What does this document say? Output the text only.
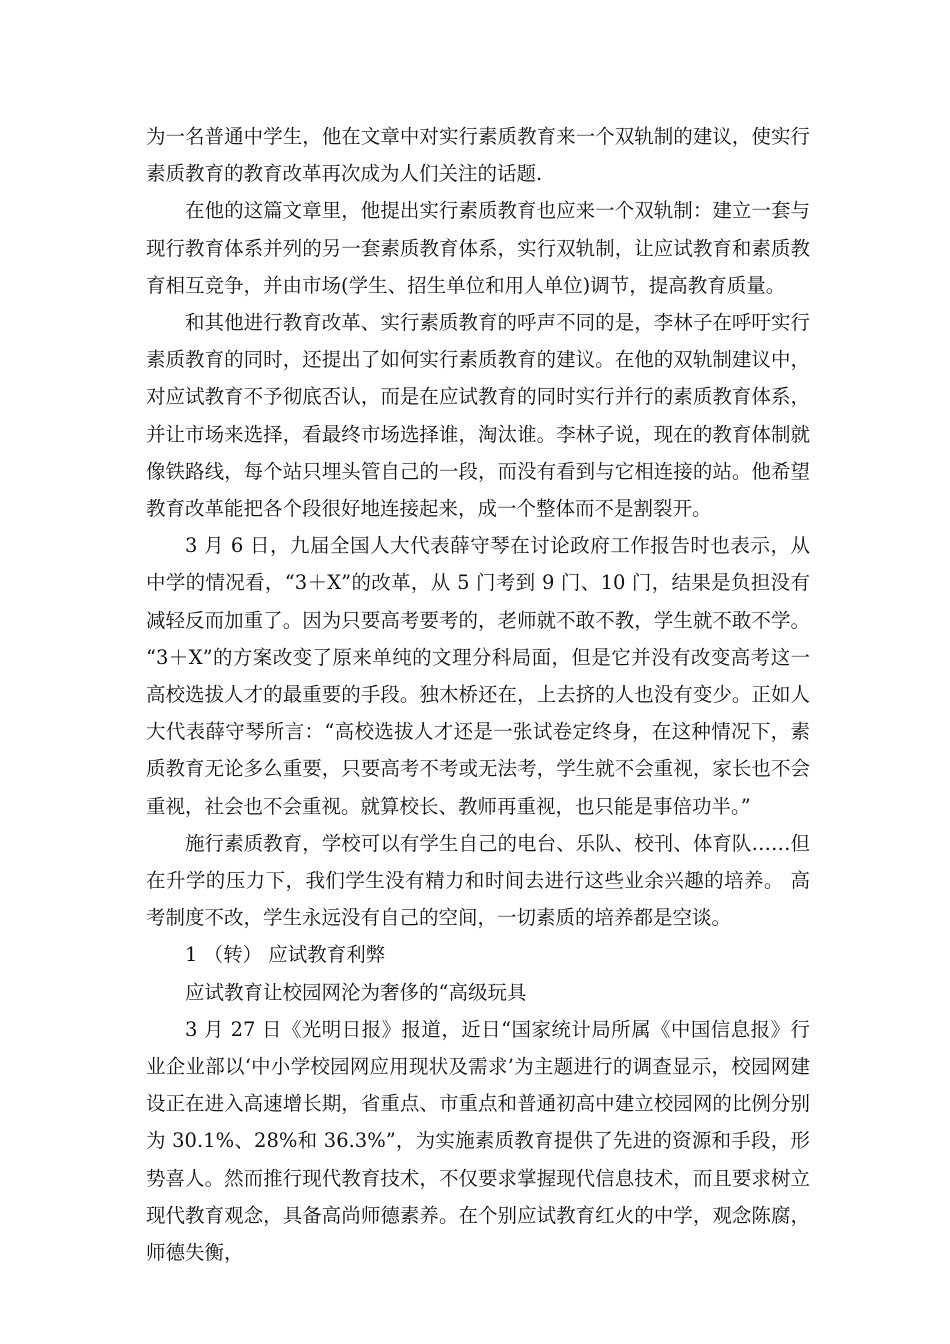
为一名普通中学生，他在文章中对实行素质教育来一个双轨制的建议，使实行素质教育的教育改革再次成为人们关注的话题.

在他的这篇文章里，他提出实行素质教育也应来一个双轨制：建立一套与现行教育体系并列的另一套素质教育体系，实行双轨制，让应试教育和素质教育相互竞争，并由市场(学生、招生单位和用人单位)调节，提高教育质量。

和其他进行教育改革、实行素质教育的呼声不同的是，李林子在呼吁实行素质教育的同时，还提出了如何实行素质教育的建议。在他的双轨制建议中，对应试教育不予彻底否认，而是在应试教育的同时实行并行的素质教育体系，并让市场来选择，看最终市场选择谁，淘汰谁。李林子说，现在的教育体制就像铁路线，每个站只埋头管自己的一段，而没有看到与它相连接的站。他希望教育改革能把各个段很好地连接起来，成一个整体而不是割裂开。

3 月 6 日，九届全国人大代表薛守琴在讨论政府工作报告时也表示，从中学的情况看，“3＋X”的改革，从 5 门考到 9 门、10 门，结果是负担没有减轻反而加重了。因为只要高考要考的，老师就不敢不教，学生就不敢不学。 “3＋X”的方案改变了原来单纯的文理分科局面，但是它并没有改变高考这一高校选拔人才的最重要的手段。独木桥还在，上去挤的人也没有变少。正如人大代表薛守琴所言：“高校选拔人才还是一张试卷定终身，在这种情况下，素质教育无论多么重要，只要高考不考或无法考，学生就不会重视，家长也不会重视，社会也不会重视。就算校长、教师再重视，也只能是事倍功半。”

施行素质教育，学校可以有学生自己的电台、乐队、校刊、体育队……但在升学的压力下，我们学生没有精力和时间去进行这些业余兴趣的培养。 高考制度不改，学生永远没有自己的空间，一切素质的培养都是空谈。

1 （转） 应试教育利弊

应试教育让校园网沦为奢侈的“高级玩具

3 月 27 日《光明日报》报道，近日“国家统计局所属《中国信息报》行业企业部以‘中小学校园网应用现状及需求’为主题进行的调查显示，校园网建设正在进入高速增长期，省重点、市重点和普通初高中建立校园网的比例分别为 30.1%、28%和 36.3%”，为实施素质教育提供了先进的资源和手段，形势喜人。然而推行现代教育技术，不仅要求掌握现代信息技术，而且要求树立现代教育观念，具备高尚师德素养。在个别应试教育红火的中学，观念陈腐，师德失衡，
